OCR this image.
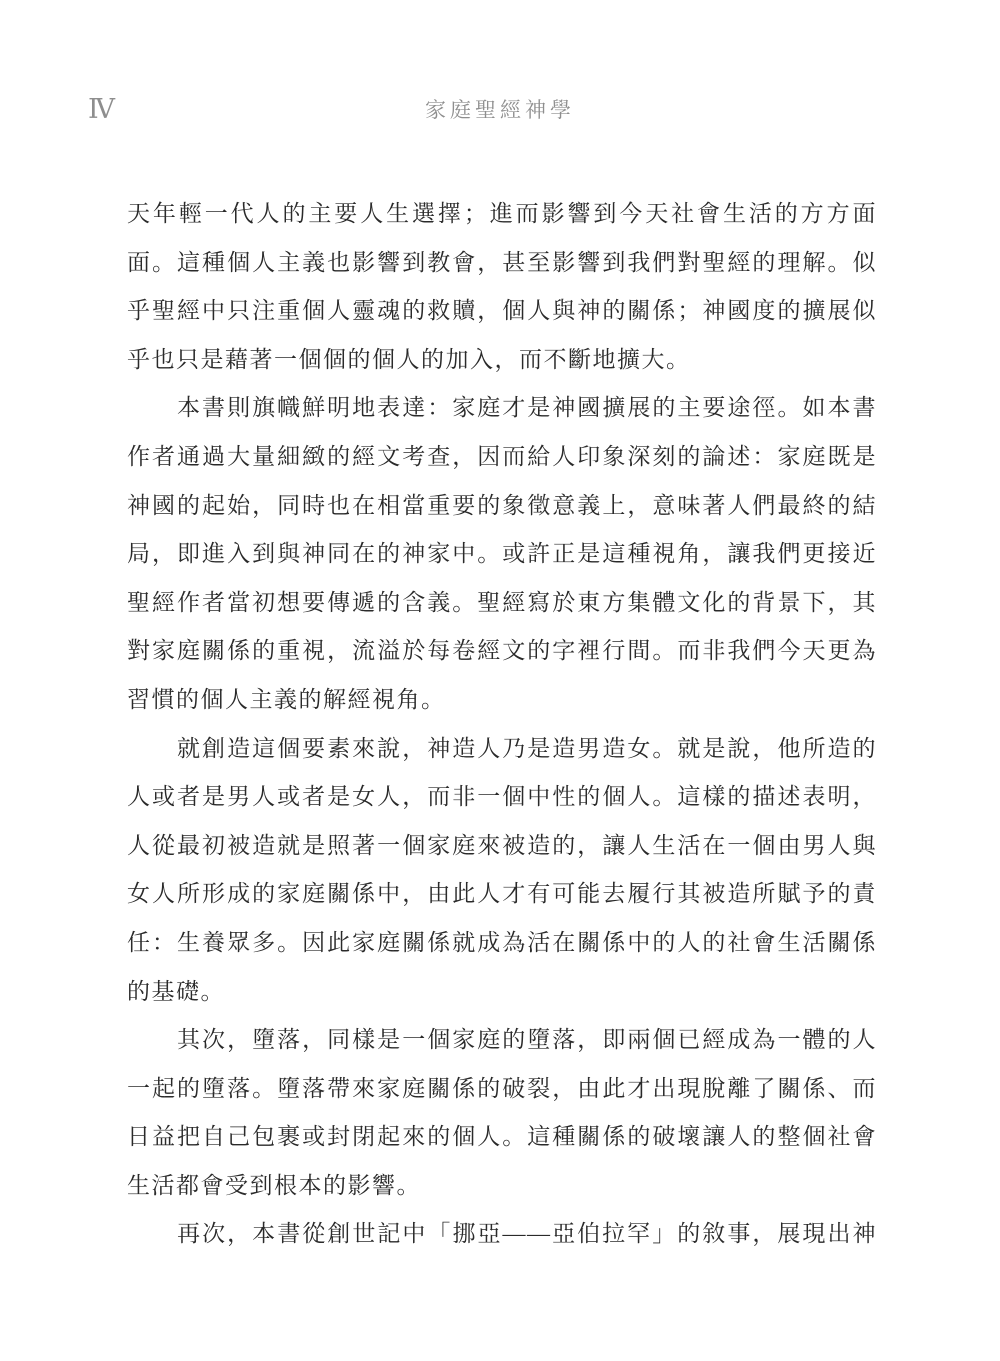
Ⅳ	家庭聖經神學
天年輕一代人的主要人生選擇；進而影響到今天社會生活的方方面
面。這種個人主義也影響到教會，甚至影響到我們對聖經的理解。似
乎聖經中只注重個人靈魂的救贖，個人與神的關係；神國度的擴展似
乎也只是藉著一個個的個人的加入，而不斷地擴大。
　　本書則旗幟鮮明地表達：家庭才是神國擴展的主要途徑。如本書
作者通過大量細緻的經文考查，因而給人印象深刻的論述：家庭既是
神國的起始，同時也在相當重要的象徵意義上，意味著人們最終的結
局，即進入到與神同在的神家中。或許正是這種視角，讓我們更接近
聖經作者當初想要傳遞的含義。聖經寫於東方集體文化的背景下，其
對家庭關係的重視，流溢於每卷經文的字裡行間。而非我們今天更為
習慣的個人主義的解經視角。
　　就創造這個要素來說，神造人乃是造男造女。就是說，他所造的
人或者是男人或者是女人，而非一個中性的個人。這樣的描述表明，
人從最初被造就是照著一個家庭來被造的，讓人生活在一個由男人與
女人所形成的家庭關係中，由此人才有可能去履行其被造所賦予的責
任：生養眾多。因此家庭關係就成為活在關係中的人的社會生活關係
的基礎。
　　其次，墮落，同樣是一個家庭的墮落，即兩個已經成為一體的人
一起的墮落。墮落帶來家庭關係的破裂，由此才出現脫離了關係、而
日益把自己包裹或封閉起來的個人。這種關係的破壞讓人的整個社會
生活都會受到根本的影響。
　　再次，本書從創世記中「挪亞——亞伯拉罕」的敘事，展現出神
